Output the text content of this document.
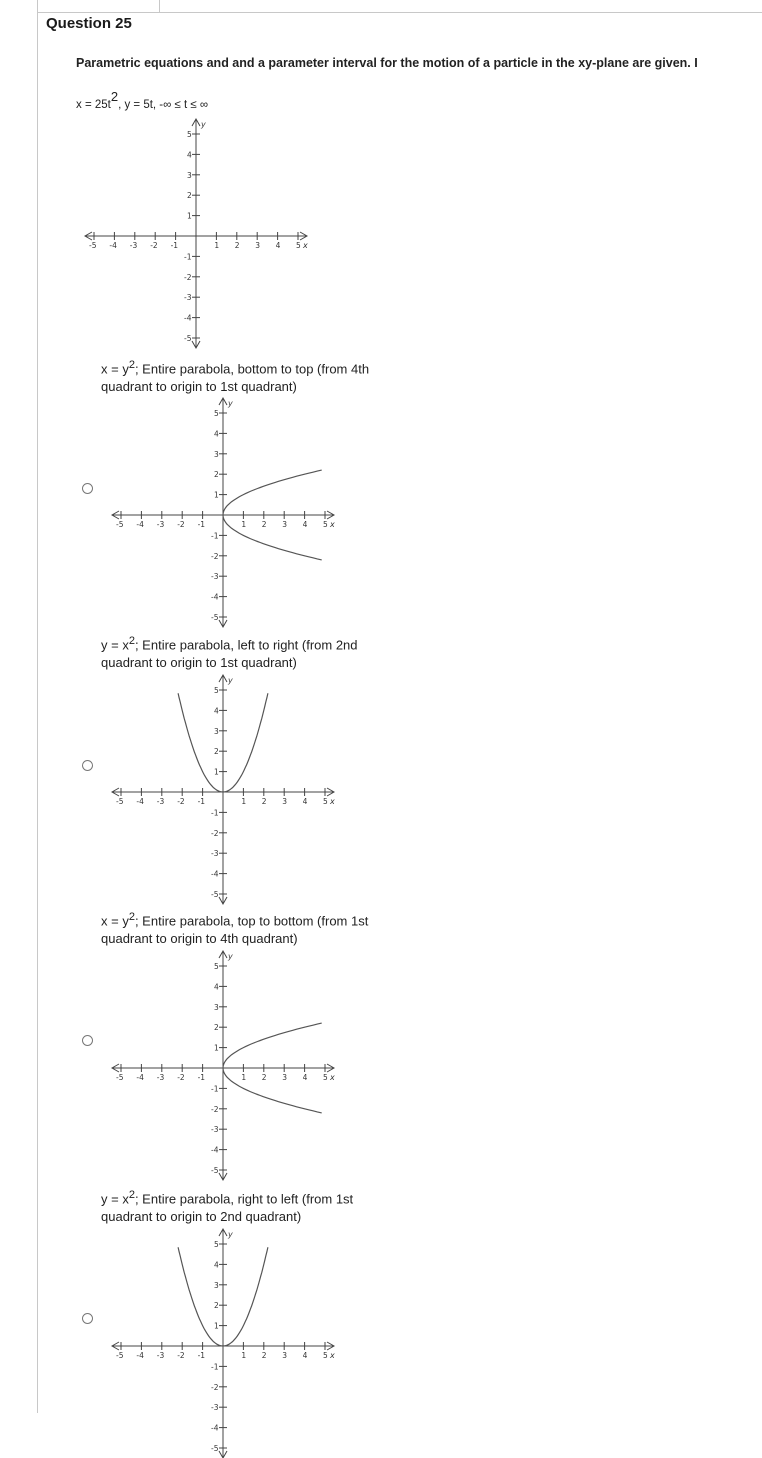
Question 25
Parametric equations and and a parameter interval for the motion of a particle in the xy-plane are given. I
$x = 25t^2$, y = 5t, -∞ ≤ t ≤ ∞
x
y
-5 -4 -3 -2 -1	1 2 3 4 5
5
4
3
2
1
-1
-2
-3
-4
-5
$x = y^2$; Entire parabola, bottom to top (from 4th quadrant to origin to 1st quadrant)
x
y
-5 -4 -3 -2 -1	1 2 3 4 5
5
4
3
2
1
-1
-2
-3
-4
-5
$y = x^2$; Entire parabola, left to right (from 2nd quadrant to origin to 1st quadrant)
x
y
-5 -4 -3 -2 -1	1 2 3 4 5
5
4
3
2
1
-1
-2
-3
-4
-5
$x = y^2$; Entire parabola, top to bottom (from 1st quadrant to origin to 4th quadrant)
x
y
-5 -4 -3 -2 -1	1 2 3 4 5
5
4
3
2
1
-1
-2
-3
-4
-5
$y = x^2$; Entire parabola, right to left (from 1st quadrant to origin to 2nd quadrant)
x
y
-5 -4 -3 -2 -1	1 2 3 4 5
5
4
3
2
1
-1
-2
-3
-4
-5
